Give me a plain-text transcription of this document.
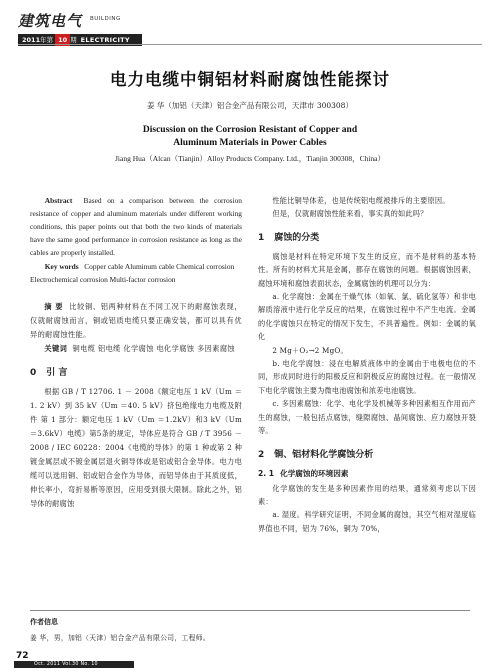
建筑电气 BUILDING
2011年第 10 期 ELECTRICITY
电力电缆中铜铝材料耐腐蚀性能探讨
姜 华（加铝（天津）铝合金产品有限公司，天津市 300308）
Discussion on the Corrosion Resistant of Copper and
Aluminum Materials in Power Cables
Jiang Hua（Alcan（Tianjin）Alloy Products Company. Ltd.，Tianjin 300308，China）

Abstract Based on a comparison between the corrosion resistance of copper and aluminum materials under different working conditions, this paper points out that both the two kinds of materials have the same good performance in corrosion resistance as long as the cables are properly installed.

Key words Copper cable Aluminum cable Chemical corrosion Electrochemical corrosion Multi-factor corrosion

摘 要 比较铜、铝两种材料在不同工况下的耐腐蚀表现，仅就耐腐蚀而言，铜或铝质电缆只要正确安装，都可以具有优异的耐腐蚀性能。

关键词 铜电缆 铝电缆 化学腐蚀 电化学腐蚀 多因素腐蚀

0 引 言

根据 GB / T 12706. 1 － 2008《额定电压 1 kV（Um ＝1. 2 kV）到 35 kV（Um ＝40. 5 kV）挤包绝缘电力电缆及附件 第 1 部分：额定电压 1 kV（Um ＝1.2kV）和3 kV（Um ＝3.6kV）电缆》第5条的规定，导体应是符合 GB / T 3956 － 2008 / IEC 60228：2004《电缆的导体》的第 1 种或第 2 种镀金属层或不镀金属层退火铜导体或是铝或铝合金导体。电力电缆可以选用铜、铝或铝合金作为导体，而铝导体由于其质度低，伸长率小，弯折易断等原因，应用受到很大限制。除此之外，铝导体的耐腐蚀

性能比铜导体差，也是传统铝电缆被排斥的主要原因。

但是，仅就耐腐蚀性能来看，事实真的如此吗？

1 腐蚀的分类

腐蚀是材料在特定环境下发生的反应，而不是材料的基本特性。所有的材料尤其是金属，都存在腐蚀的问题。根据腐蚀因素，腐蚀环境和腐蚀表面状态，金属腐蚀的机理可以分为：

a. 化学腐蚀：金属在干燥气体（如氧、氯、硫化氢等）和非电解质溶液中进行化学反应的结果，在腐蚀过程中不产生电流。金属的化学腐蚀只在特定的情况下发生，不具普遍性。例如：金属的氧化

2 Mg＋O₂→2 MgO。

b. 电化学腐蚀：浸在电解质液体中的金属由于电极电位的不同，形成同时进行的阳极反应和阴极反应的腐蚀过程。在一般情况下电化学腐蚀主要为微电池腐蚀和浓差电池腐蚀。

c. 多因素腐蚀：化学、电化学及机械等多种因素相互作用而产生的腐蚀，一般包括点腐蚀，缝隙腐蚀、晶间腐蚀、应力腐蚀开裂等。

2 铜、铝材料化学腐蚀分析
2. 1 化学腐蚀的环境因素

化学腐蚀的发生是多种因素作用的结果，通常须考虑以下因素：

a. 湿度。科学研究证明，不同金属的腐蚀，其空气相对湿度临界值也不同，铝为 76%，铜为 70%，

作者信息
姜 华，男，加铝（天津）铝合金产品有限公司，工程师。
72
Oct. 2011 Vol.30 No. 10
